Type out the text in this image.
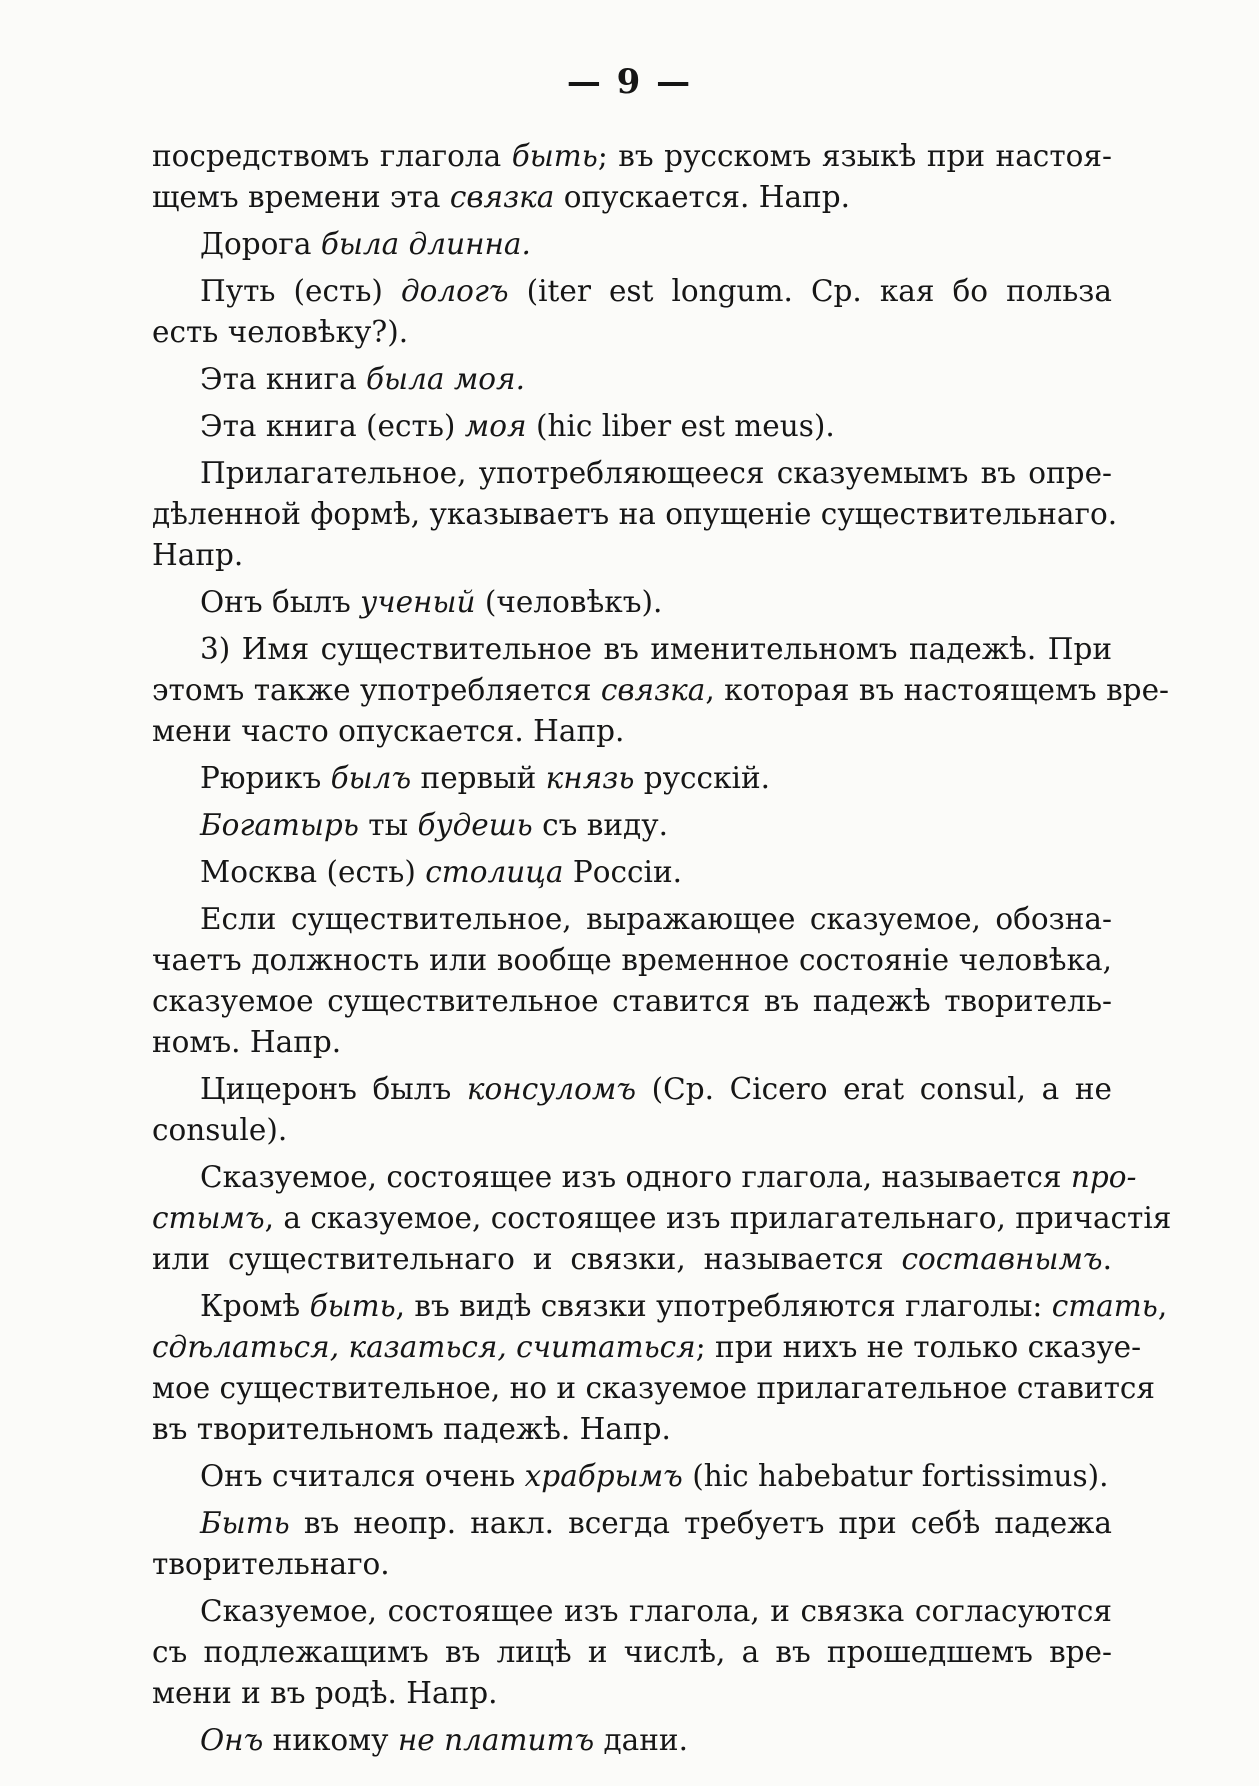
— 9 —
посредствомъ глагола быть; въ русскомъ языкѣ при настоя-
щемъ времени эта связка опускается. Напр.
Дорога была длинна.
Путь (есть) дологъ (iter est longum. Ср. кая бо польза
есть человѣку?).
Эта книга была моя.
Эта книга (есть) моя (hic liber est meus).
Прилагательное, употребляющееся сказуемымъ въ опре-
дѣленной формѣ, указываетъ на опущеніе существительнаго.
Напр.
Онъ былъ ученый (человѣкъ).
3) Имя существительное въ именительномъ падежѣ. При
этомъ также употребляется связка, которая въ настоящемъ вре-
мени часто опускается. Напр.
Рюрикъ былъ первый князь русскій.
Богатырь ты будешь съ виду.
Москва (есть) столица Россіи.
Если существительное, выражающее сказуемое, обозна-
чаетъ должность или вообще временное состояніе человѣка,
сказуемое существительное ставится въ падежѣ творитель-
номъ. Напр.
Цицеронъ былъ консуломъ (Ср. Cicero erat consul, а не
consule).
Сказуемое, состоящее изъ одного глагола, называется про-
стымъ, а сказуемое, состоящее изъ прилагательнаго, причастія
или существительнаго и связки, называется составнымъ.
Кромѣ быть, въ видѣ связки употребляются глаголы: стать,
сдѣлаться, казаться, считаться; при нихъ не только сказуе-
мое существительное, но и сказуемое прилагательное ставится
въ творительномъ падежѣ. Напр.
Онъ считался очень храбрымъ (hic habebatur fortissimus).
Быть въ неопр. накл. всегда требуетъ при себѣ падежа
творительнаго.
Сказуемое, состоящее изъ глагола, и связка согласуются
съ подлежащимъ въ лицѣ и числѣ, а въ прошедшемъ вре-
мени и въ родѣ. Напр.
Онъ никому не платитъ дани.
